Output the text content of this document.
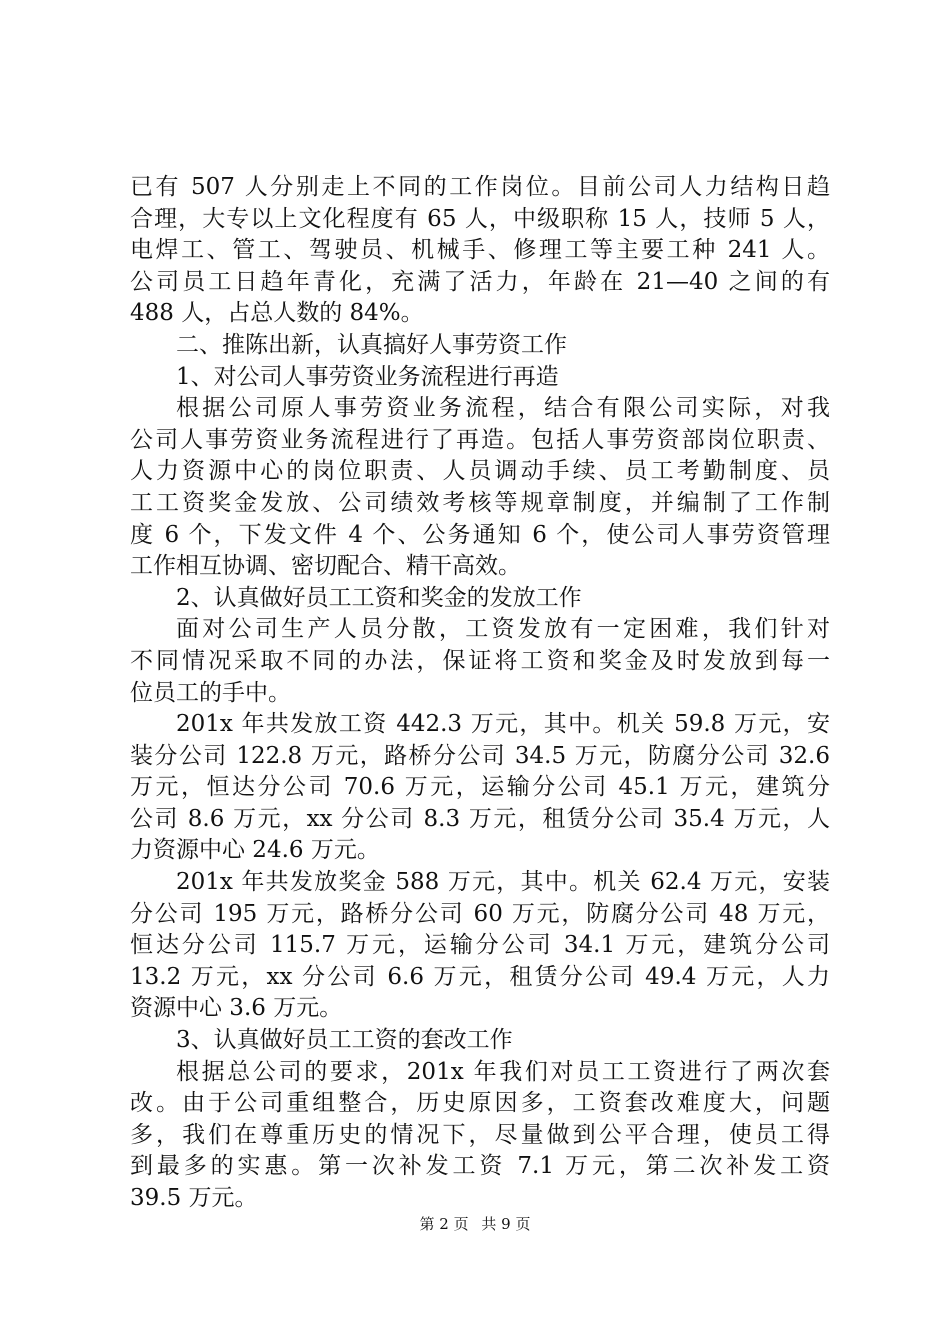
已有 507 人分别走上不同的工作岗位。目前公司人力结构日趋
合理，大专以上文化程度有 65 人，中级职称 15 人，技师 5 人，
电焊工、管工、驾驶员、机械手、修理工等主要工种 241 人。
公司员工日趋年青化，充满了活力，年龄在 21—40 之间的有
488 人，占总人数的 84%。
二、推陈出新，认真搞好人事劳资工作
1、对公司人事劳资业务流程进行再造
根据公司原人事劳资业务流程，结合有限公司实际，对我
公司人事劳资业务流程进行了再造。包括人事劳资部岗位职责、
人力资源中心的岗位职责、人员调动手续、员工考勤制度、员
工工资奖金发放、公司绩效考核等规章制度，并编制了工作制
度 6 个，下发文件 4 个、公务通知 6 个，使公司人事劳资管理
工作相互协调、密切配合、精干高效。
2、认真做好员工工资和奖金的发放工作
面对公司生产人员分散，工资发放有一定困难，我们针对
不同情况采取不同的办法，保证将工资和奖金及时发放到每一
位员工的手中。
201x 年共发放工资 442.3 万元，其中。机关 59.8 万元，安
装分公司 122.8 万元，路桥分公司 34.5 万元，防腐分公司 32.6
万元，恒达分公司 70.6 万元，运输分公司 45.1 万元，建筑分
公司 8.6 万元，xx 分公司 8.3 万元，租赁分公司 35.4 万元，人
力资源中心 24.6 万元。
201x 年共发放奖金 588 万元，其中。机关 62.4 万元，安装
分公司 195 万元，路桥分公司 60 万元，防腐分公司 48 万元，
恒达分公司 115.7 万元，运输分公司 34.1 万元，建筑分公司
13.2 万元，xx 分公司 6.6 万元，租赁分公司 49.4 万元，人力
资源中心 3.6 万元。
3、认真做好员工工资的套改工作
根据总公司的要求，201x 年我们对员工工资进行了两次套
改。由于公司重组整合，历史原因多，工资套改难度大，问题
多，我们在尊重历史的情况下，尽量做到公平合理，使员工得
到最多的实惠。第一次补发工资 7.1 万元，第二次补发工资
39.5 万元。
第 2 页 共 9 页
